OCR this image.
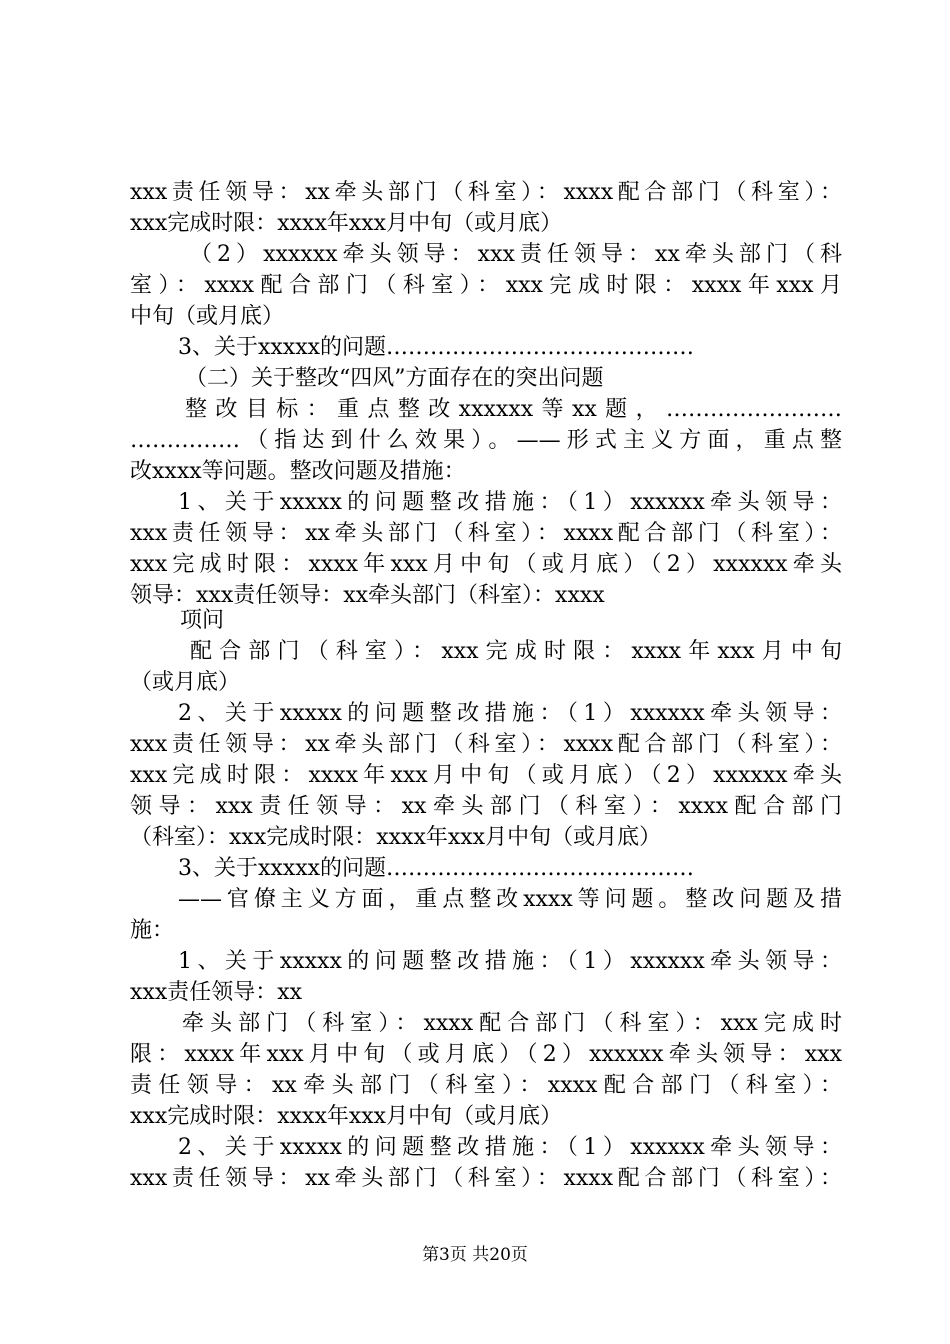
xxx责任领导：xx牵头部门（科室）：xxxx配合部门（科室）：
xxx完成时限：xxxx年xxx月中旬（或月底）
（2）xxxxxx牵头领导：xxx责任领导：xx牵头部门（科
室）：xxxx配合部门（科室）：xxx完成时限：xxxx年xxx月
中旬（或月底）
3、关于xxxxx的问题……………………………………
（二）关于整改“四风”方面存在的突出问题
整改目标：重点整改xxxxxx等xx题，……………………
……………（指达到什么效果）。——形式主义方面，重点整
改xxxx等问题。整改问题及措施：
1、关于xxxxx的问题整改措施：（1）xxxxxx牵头领导：
xxx责任领导：xx牵头部门（科室）：xxxx配合部门（科室）：
xxx完成时限：xxxx年xxx月中旬（或月底）（2）xxxxxx牵头
领导：xxx责任领导：xx牵头部门（科室）：xxxx
项问
配合部门（科室）：xxx完成时限：xxxx年xxx月中旬
（或月底）
2、关于xxxxx的问题整改措施：（1）xxxxxx牵头领导：
xxx责任领导：xx牵头部门（科室）：xxxx配合部门（科室）：
xxx完成时限：xxxx年xxx月中旬（或月底）（2）xxxxxx牵头
领导：xxx责任领导：xx牵头部门（科室）：xxxx配合部门
（科室）：xxx完成时限：xxxx年xxx月中旬（或月底）
3、关于xxxxx的问题……………………………………
——官僚主义方面，重点整改xxxx等问题。整改问题及措
施：
1、关于xxxxx的问题整改措施：（1）xxxxxx牵头领导：
xxx责任领导：xx
牵头部门（科室）：xxxx配合部门（科室）：xxx完成时
限：xxxx年xxx月中旬（或月底）（2）xxxxxx牵头领导：xxx
责任领导：xx牵头部门（科室）：xxxx配合部门（科室）：
xxx完成时限：xxxx年xxx月中旬（或月底）
2、关于xxxxx的问题整改措施：（1）xxxxxx牵头领导：
xxx责任领导：xx牵头部门（科室）：xxxx配合部门（科室）：
第3页 共20页
